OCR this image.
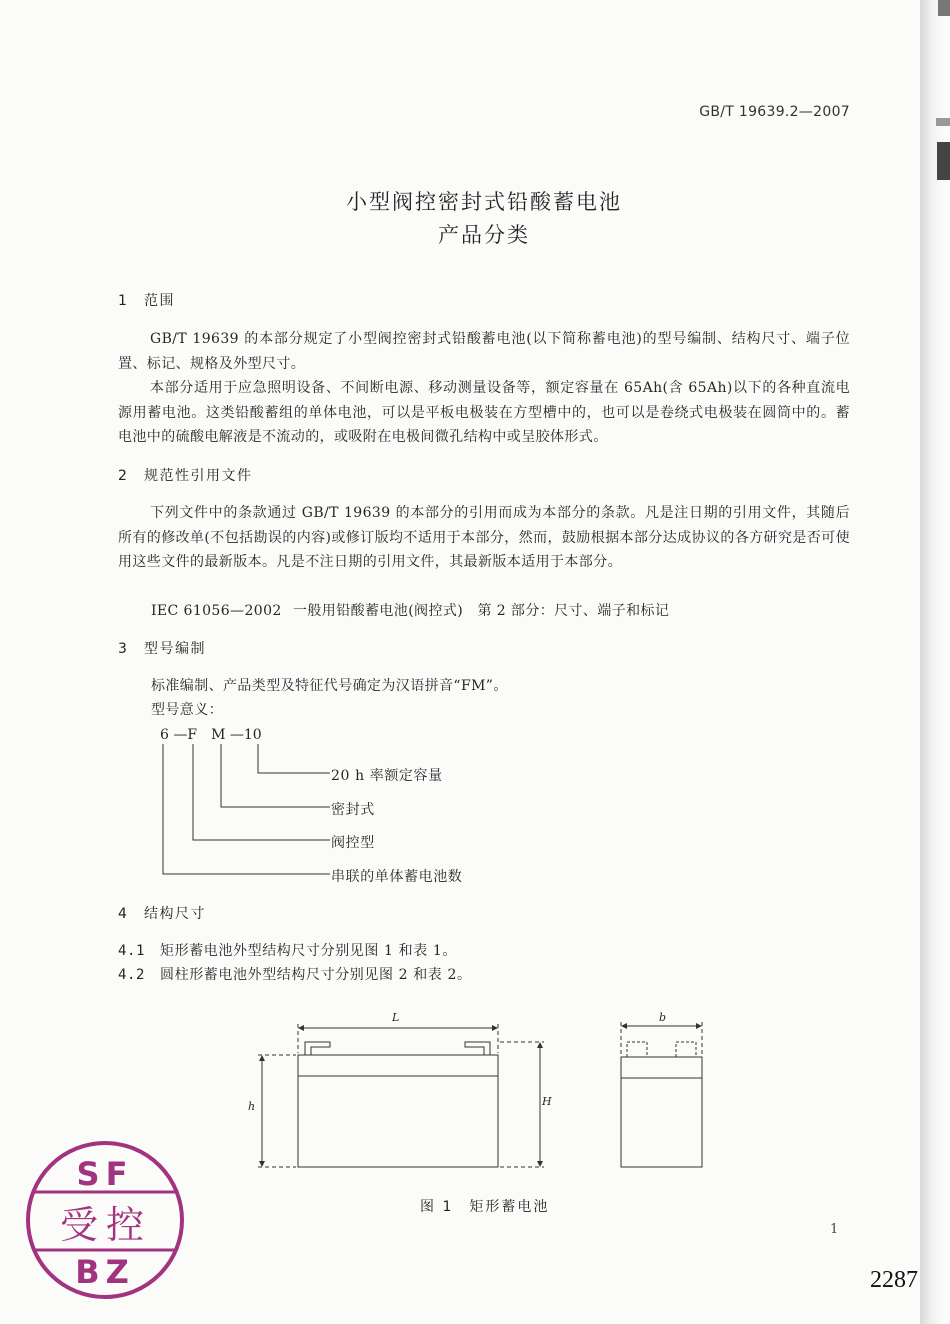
GB/T 19639.2—2007
小型阀控密封式铅酸蓄电池
产品分类
1 范围
GB/T 19639 的本部分规定了小型阀控密封式铅酸蓄电池(以下简称蓄电池)的型号编制、结构尺寸、端子位置、标记、规格及外型尺寸。
本部分适用于应急照明设备、不间断电源、移动测量设备等，额定容量在 65Ah(含 65Ah)以下的各种直流电源用蓄电池。这类铅酸蓄组的单体电池，可以是平板电极装在方型槽中的，也可以是卷绕式电极装在圆筒中的。蓄电池中的硫酸电解液是不流动的，或吸附在电极间微孔结构中或呈胶体形式。
2 规范性引用文件
下列文件中的条款通过 GB/T 19639 的本部分的引用而成为本部分的条款。凡是注日期的引用文件，其随后所有的修改单(不包括勘误的内容)或修订版均不适用于本部分，然而，鼓励根据本部分达成协议的各方研究是否可使用这些文件的最新版本。凡是不注日期的引用文件，其最新版本适用于本部分。
IEC 61056—2002 一般用铅酸蓄电池(阀控式)　第 2 部分：尺寸、端子和标记
3 型号编制
标准编制、产品类型及特征代号确定为汉语拼音“FM”。
型号意义：
6 —F　M —10
20 h 率额定容量
密封式
阀控型
串联的单体蓄电池数
4 结构尺寸
4.1 矩形蓄电池外型结构尺寸分别见图 1 和表 1。
4.2 圆柱形蓄电池外型结构尺寸分别见图 2 和表 2。
L	b
h	H
图 1　矩形蓄电池
1
SF
受控
BZ	2287
